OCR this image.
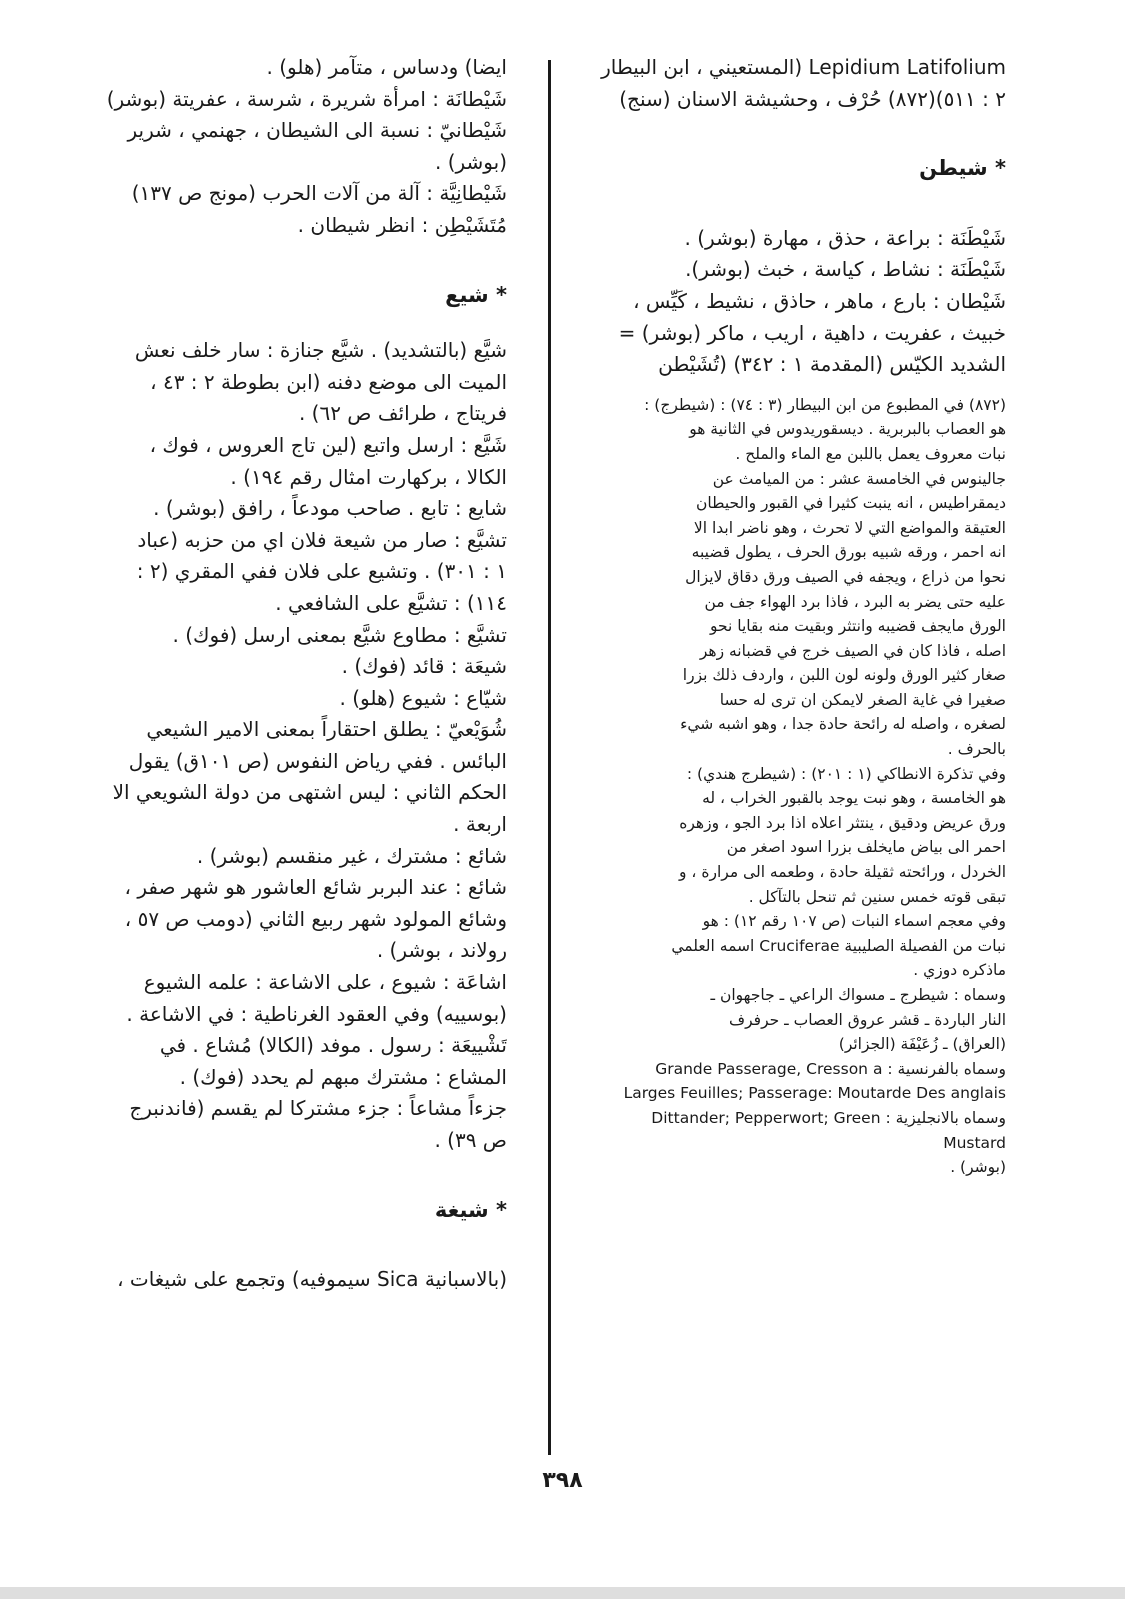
Lepidium Latifolium (المستعيني ، ابن البيطار
٢ : ٥١١)(٨٧٢) حُرْف ، وحشيشة الاسنان (سنج)
* شيطن
شَيْطَنَة : براعة ، حذق ، مهارة (بوشر) .
شَيْطَنَة : نشاط ، كياسة ، خبث (بوشر).
شَيْطان : بارع ، ماهر ، حاذق ، نشيط ، كَيِّس ،
خبيث ، عفريت ، داهية ، اريب ، ماكر (بوشر) =
الشديد الكيّس (المقدمة ١ : ٣٤٢) (تُشَيْطن
(٨٧٢) في المطبوع من ابن البيطار (٣ : ٧٤) : (شيطرج) :
هو العصاب بالبربرية . ديسقوريدوس في الثانية هو
نبات معروف يعمل باللبن مع الماء والملح .
جالينوس في الخامسة عشر : من الميامث عن
ديمقراطيس ، انه ينبت كثيرا في القبور والحيطان
العتيقة والمواضع التي لا تحرث ، وهو ناضر ابدا الا
انه احمر ، ورقه شبيه بورق الحرف ، يطول قضيبه
نحوا من ذراع ، ويجفه في الصيف ورق دقاق لايزال
عليه حتى يضر به البرد ، فاذا برد الهواء جف من
الورق مايجف قضيبه وانتثر وبقيت منه بقايا نحو
اصله ، فاذا كان في الصيف خرج في قضبانه زهر
صغار كثير الورق ولونه لون اللبن ، واردف ذلك بزرا
صغيرا في غاية الصغر لايمكن ان ترى له حسا
لصغره ، واصله له رائحة حادة جدا ، وهو اشبه شيء
بالحرف .
وفي تذكرة الانطاكي (١ : ٢٠١) : (شيطرج هندي) :
هو الخامسة ، وهو نبت يوجد بالقبور الخراب ، له
ورق عريض ودقيق ، ينتثر اعلاه اذا برد الجو ، وزهره
احمر الى بياض مايخلف بزرا اسود اصغر من
الخردل ، ورائحته ثقيلة حادة ، وطعمه الى مرارة ، و
تبقى قوته خمس سنين ثم تنحل بالتآكل .
وفي معجم اسماء النبات (ص ١٠٧ رقم ١٢) : هو
نبات من الفصيلة الصليبية Cruciferae اسمه العلمي
ماذكره دوزي .
وسماه : شيطرج ـ مسواك الراعي ـ جاجهوان ـ
النار الباردة ـ قشر عروق العصاب ـ حرفرف
(العراق) ـ زُعَيْفَة (الجزائر)
وسماه بالفرنسية : Grande Passerage, Cresson a
Larges Feuilles; Passerage: Moutarde Des anglais
وسماه بالانجليزية : Dittander; Pepperwort; Green
Mustard
(بوشر) .
ايضا) ودساس ، متآمر (هلو) .
شَيْطانَة : امرأة شريرة ، شرسة ، عفريتة (بوشر)
شَيْطانيّ : نسبة الى الشيطان ، جهنمي ، شرير
(بوشر) .
شَيْطانِيَّة : آلة من آلات الحرب (مونج ص ١٣٧)
مُتَشَيْطِن : انظر شيطان .
* شيع
شيَّع (بالتشديد) . شيَّع جنازة : سار خلف نعش
الميت الى موضع دفنه (ابن بطوطة ٢ : ٤٣ ،
فريتاج ، طرائف ص ٦٢) .
شَيَّع : ارسل واتبع (لين تاج العروس ، فوك ،
الكالا ، بركهارت امثال رقم ١٩٤) .
شايع : تابع . صاحب مودعاً ، رافق (بوشر) .
تشيَّع : صار من شيعة فلان اي من حزبه (عباد
١ : ٣٠١) . وتشيع على فلان ففي المقري (٢ :
١١٤) : تشيَّع على الشافعي .
تشيَّع : مطاوع شيَّع بمعنى ارسل (فوك) .
شيعَة : قائد (فوك) .
شيّاع : شيوع (هلو) .
شُوَيْعيّ : يطلق احتقاراً بمعنى الامير الشيعي
البائس . ففي رياض النفوس (ص ١٠١ق) يقول
الحكم الثاني : ليس اشتهى من دولة الشويعي الا
اربعة .
شائع : مشترك ، غير منقسم (بوشر) .
شائع : عند البربر شائع العاشور هو شهر صفر ،
وشائع المولود شهر ربيع الثاني (دومب ص ٥٧ ،
رولاند ، بوشر) .
اشاعَة : شيوع ، على الاشاعة : علمه الشيوع
(بوسييه) وفي العقود الغرناطية : في الاشاعة .
تَشْييعَة : رسول . موفد (الكالا) مُشاع . في
المشاع : مشترك مبهم لم يحدد (فوك) .
جزءاً مشاعاً : جزء مشتركا لم يقسم (فاندنبرج
ص ٣٩) .
* شيغة
(بالاسبانية Sica سيموفيه) وتجمع على شيغات ،
٣٩٨
